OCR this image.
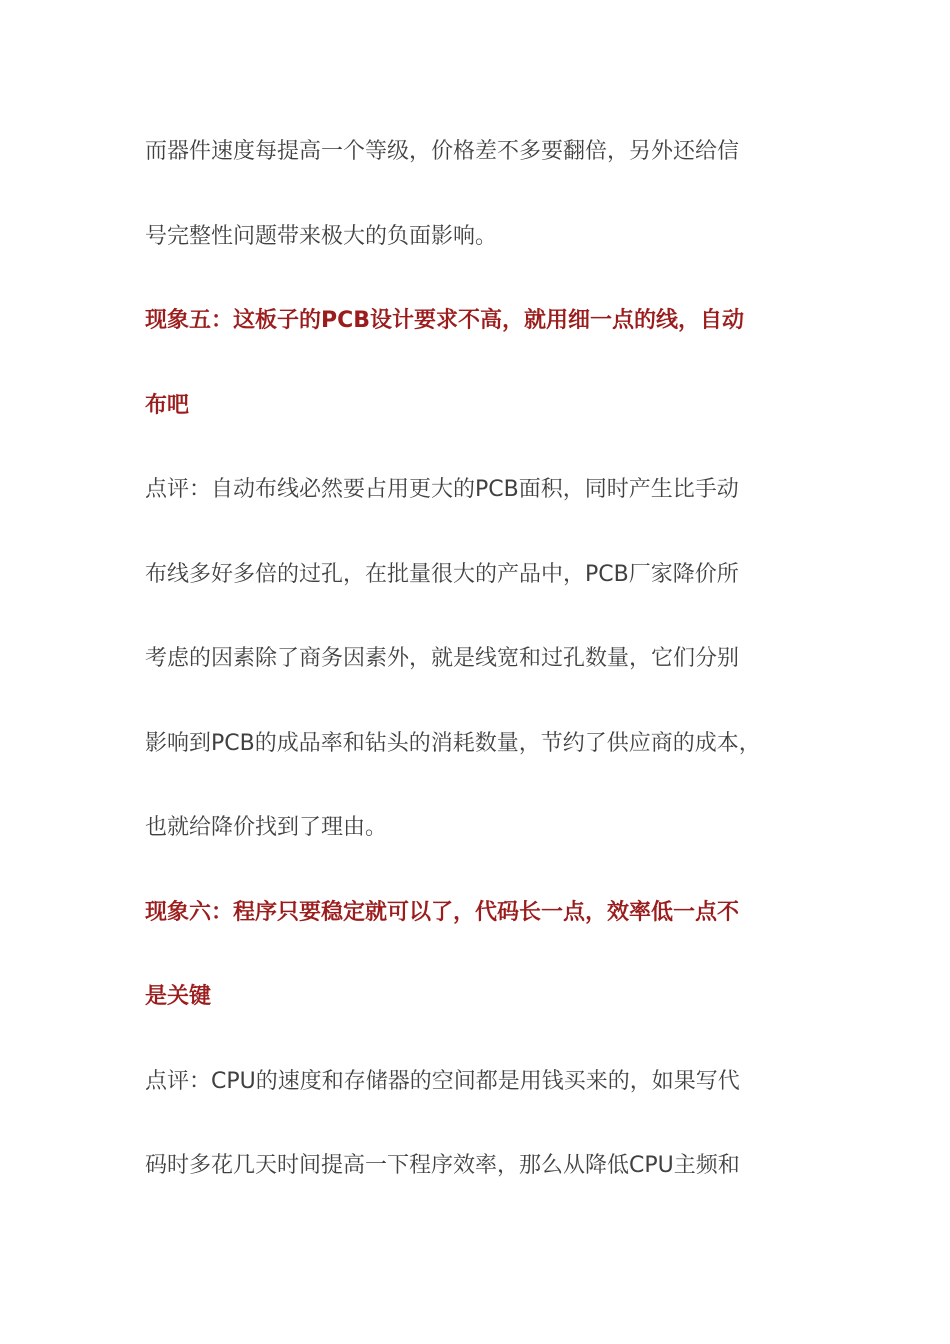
而器件速度每提高一个等级，价格差不多要翻倍，另外还给信
号完整性问题带来极大的负面影响。
现象五：这板子的PCB设计要求不高，就用细一点的线，自动
布吧
点评：自动布线必然要占用更大的PCB面积，同时产生比手动
布线多好多倍的过孔，在批量很大的产品中，PCB厂家降价所
考虑的因素除了商务因素外，就是线宽和过孔数量，它们分别
影响到PCB的成品率和钻头的消耗数量，节约了供应商的成本，
也就给降价找到了理由。
现象六：程序只要稳定就可以了，代码长一点，效率低一点不
是关键
点评：CPU的速度和存储器的空间都是用钱买来的，如果写代
码时多花几天时间提高一下程序效率，那么从降低CPU主频和
